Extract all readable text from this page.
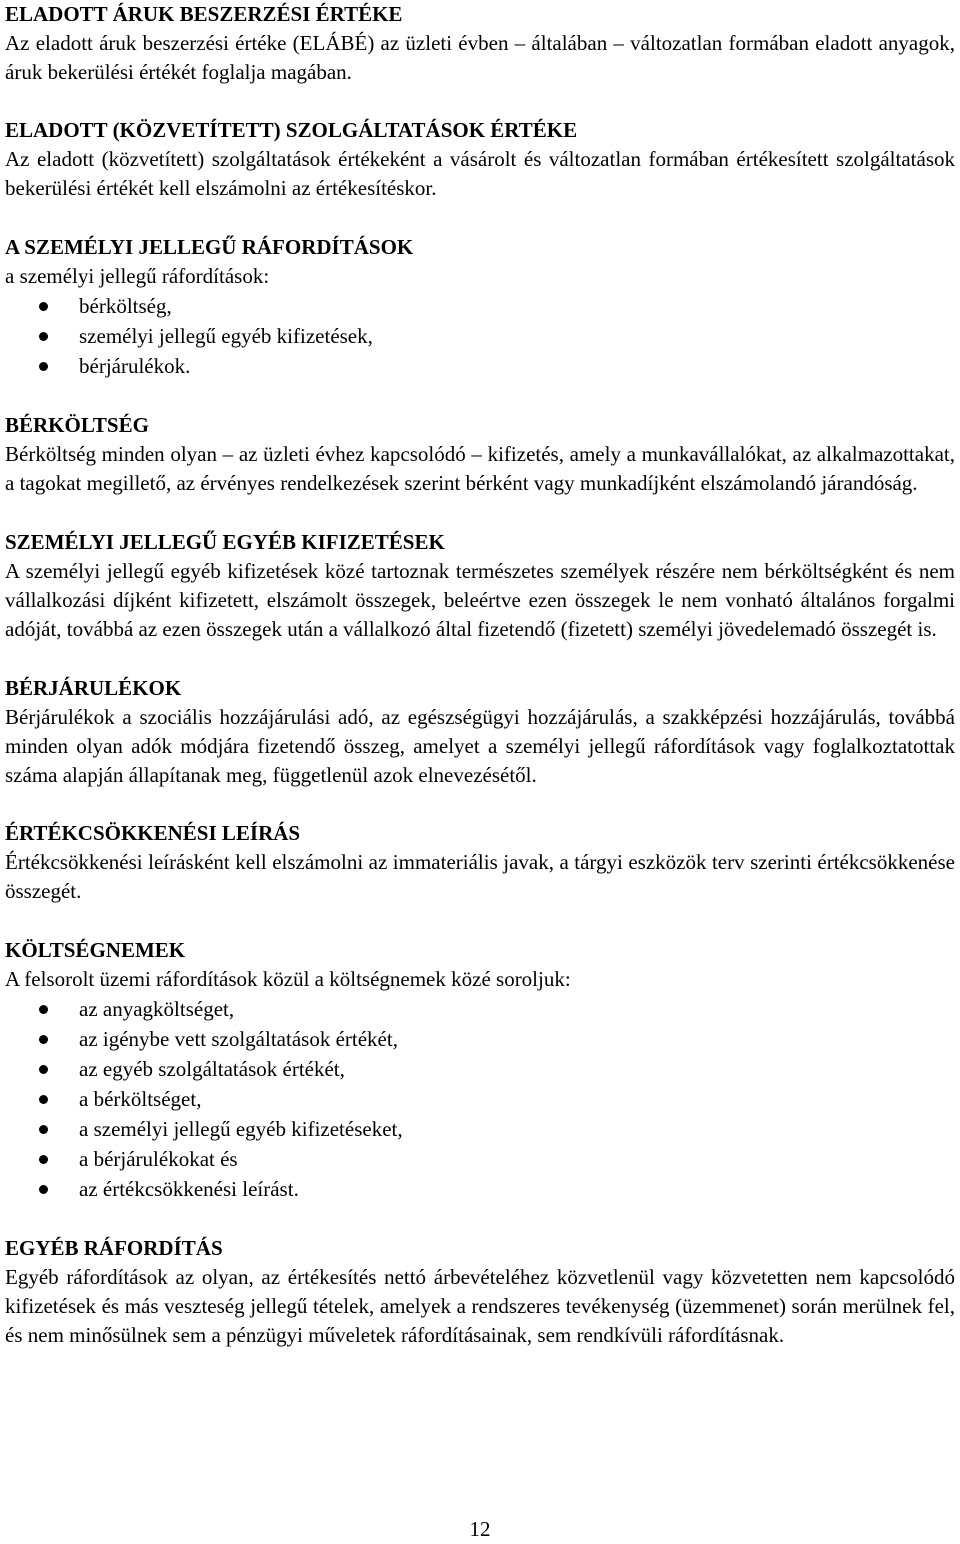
ELADOTT ÁRUK BESZERZÉSI ÉRTÉKE

Az eladott áruk beszerzési értéke (ELÁBÉ) az üzleti évben – általában – változatlan formában eladott anyagok, áruk bekerülési értékét foglalja magában.

ELADOTT (KÖZVETÍTETT) SZOLGÁLTATÁSOK ÉRTÉKE

Az eladott (közvetített) szolgáltatások értékeként a vásárolt és változatlan formában értékesített szolgáltatások bekerülési értékét kell elszámolni az értékesítéskor.

A SZEMÉLYI JELLEGŰ RÁFORDÍTÁSOK

a személyi jellegű ráfordítások:

bérköltség,
személyi jellegű egyéb kifizetések,
bérjárulékok.

BÉRKÖLTSÉG

Bérköltség minden olyan – az üzleti évhez kapcsolódó – kifizetés, amely a munkavállalókat, az alkalmazottakat, a tagokat megillető, az érvényes rendelkezések szerint bérként vagy munkadíjként elszámolandó járandóság.

SZEMÉLYI JELLEGŰ EGYÉB KIFIZETÉSEK

A személyi jellegű egyéb kifizetések közé tartoznak természetes személyek részére nem bérköltségként és nem vállalkozási díjként kifizetett, elszámolt összegek, beleértve ezen összegek le nem vonható általános forgalmi adóját, továbbá az ezen összegek után a vállalkozó által fizetendő (fizetett) személyi jövedelemadó összegét is.

BÉRJÁRULÉKOK

Bérjárulékok a szociális hozzájárulási adó, az egészségügyi hozzájárulás, a szakképzési hozzájárulás, továbbá minden olyan adók módjára fizetendő összeg, amelyet a személyi jellegű ráfordítások vagy foglalkoztatottak száma alapján állapítanak meg, függetlenül azok elnevezésétől.

ÉRTÉKCSÖKKENÉSI LEÍRÁS

Értékcsökkenési leírásként kell elszámolni az immateriális javak, a tárgyi eszközök terv szerinti értékcsökkenése összegét.

KÖLTSÉGNEMEK

A felsorolt üzemi ráfordítások közül a költségnemek közé soroljuk:

az anyagköltséget,
az igénybe vett szolgáltatások értékét,
az egyéb szolgáltatások értékét,
a bérköltséget,
a személyi jellegű egyéb kifizetéseket,
a bérjárulékokat és
az értékcsökkenési leírást.

EGYÉB RÁFORDÍTÁS

Egyéb ráfordítások az olyan, az értékesítés nettó árbevételéhez közvetlenül vagy közvetetten nem kapcsolódó kifizetések és más veszteség jellegű tételek, amelyek a rendszeres tevékenység (üzemmenet) során merülnek fel, és nem minősülnek sem a pénzügyi műveletek ráfordításainak, sem rendkívüli ráfordításnak.

12
